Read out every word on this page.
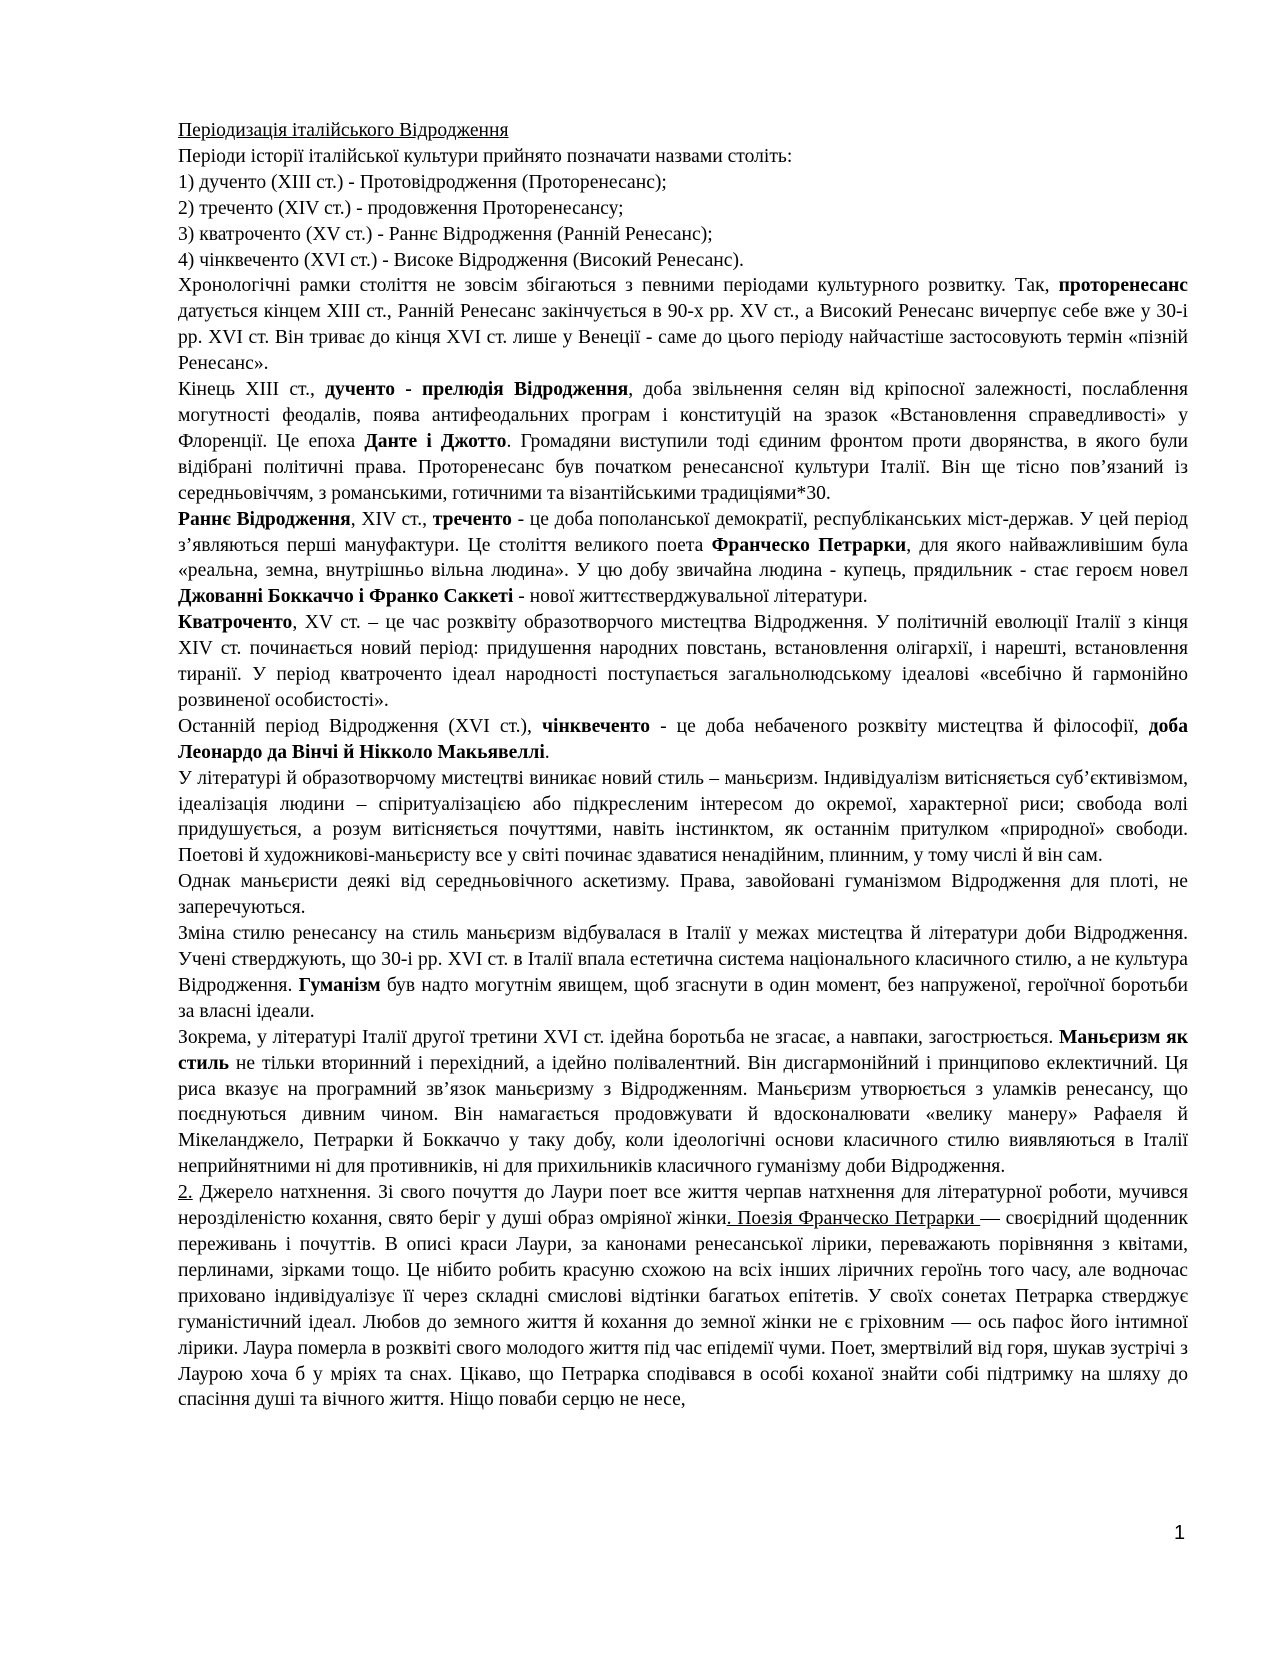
Періодизація італійського Відродження

Періоди історії італійської культури прийнято позначати назвами століть:

1) дученто (XIII ст.) - Протовідродження (Проторенесанс);

2) треченто (XIV ст.) - продовження Проторенесансу;

3) кватроченто (XV ст.) - Раннє Відродження (Ранній Ренесанс);

4) чінквеченто (XVI ст.) - Високе Відродження (Високий Ренесанс).

Хронологічні рамки століття не зовсім збігаються з певними періодами культурного розвитку. Так, проторенесанс датується кінцем XIII ст., Ранній Ренесанс закінчується в 90-х рр. XV ст., а Високий Ренесанс вичерпує себе вже у 30-і рр. XVI ст. Він триває до кінця XVI ст. лише у Венеції - саме до цього періоду найчастіше застосовують термін «пізній Ренесанс».

Кінець XIII ст., дученто - прелюдія Відродження, доба звільнення селян від кріпосної залежності, послаблення могутності феодалів, поява антифеодальних програм і конституцій на зразок «Встановлення справедливості» у Флоренції. Це епоха Данте і Джотто. Громадяни виступили тоді єдиним фронтом проти дворянства, в якого були відібрані політичні права. Проторенесанс був початком ренесансної культури Італії. Він ще тісно пов’язаний із середньовіччям, з романськими, готичними та візантійськими традиціями*30.

Раннє Відродження, XIV ст., треченто - це доба пополанської демократії, республіканських міст-держав. У цей період з’являються перші мануфактури. Це століття великого поета Франческо Петрарки, для якого найважливішим була «реальна, земна, внутрішньо вільна людина». У цю добу звичайна людина - купець, прядильник - стає героєм новел Джованні Боккаччо і Франко Саккеті - нової життєстверджувальної літератури.

Кватроченто, XV ст. – це час розквіту образотворчого мистецтва Відродження. У політичній еволюції Італії з кінця XIV ст. починається новий період: придушення народних повстань, встановлення олігархії, і нарешті, встановлення тиранії. У період кватроченто ідеал народності поступається загальнолюдському ідеалові «всебічно й гармонійно розвиненої особистості».

Останній період Відродження (XVI ст.), чінквеченто - це доба небаченого розквіту мистецтва й філософії, доба Леонардо да Вінчі й Нікколо Макьявеллі.

У літературі й образотворчому мистецтві виникає новий стиль – маньєризм. Індивідуалізм витісняється суб’єктивізмом, ідеалізація людини – спіритуалізацією або підкресленим інтересом до окремої, характерної риси; свобода волі придушується, а розум витісняється почуттями, навіть інстинктом, як останнім притулком «природної» свободи. Поетові й художникові-маньєристу все у світі починає здаватися ненадійним, плинним, у тому числі й він сам.

Однак маньєристи деякі від середньовічного аскетизму. Права, завойовані гуманізмом Відродження для плоті, не заперечуються.

Зміна стилю ренесансу на стиль маньєризм відбувалася в Італії у межах мистецтва й літератури доби Відродження. Учені стверджують, що 30-і рр. XVI ст. в Італії впала естетична система національного класичного стилю, а не культура Відродження. Гуманізм був надто могутнім явищем, щоб згаснути в один момент, без напруженої, героїчної боротьби за власні ідеали.

Зокрема, у літературі Італії другої третини XVI ст. ідейна боротьба не згасає, а навпаки, загострюється. Маньєризм як стиль не тільки вторинний і перехідний, а ідейно полівалентний. Він дисгармонійний і принципово еклектичний. Ця риса вказує на програмний зв’язок маньєризму з Відродженням. Маньєризм утворюється з уламків ренесансу, що поєднуються дивним чином. Він намагається продовжувати й вдосконалювати «велику манеру» Рафаеля й Мікеланджело, Петрарки й Боккаччо у таку добу, коли ідеологічні основи класичного стилю виявляються в Італії неприйнятними ні для противників, ні для прихильників класичного гуманізму доби Відродження.

2. Джерело натхнення. Зі свого почуття до Лаури поет все життя черпав натхнення для літературної роботи, мучився нерозділеністю кохання, свято беріг у душі образ омріяної жінки. Поезія Франческо Петрарки — своєрідний щоденник переживань і почуттів. В описі краси Лаури, за канонами ренесанської лірики, переважають порівняння з квітами, перлинами, зірками тощо. Це нібито робить красуню схожою на всіх інших ліричних героїнь того часу, але водночас приховано індивідуалізує її через складні смислові відтінки багатьох епітетів. У своїх сонетах Петрарка стверджує гуманістичний ідеал. Любов до земного життя й кохання до земної жінки не є гріховним — ось пафос його інтимної лірики. Лаура померла в розквіті свого молодого життя під час епідемії чуми. Поет, змертвілий від горя, шукав зустрічі з Лаурою хоча б у мріях та снах. Цікаво, що Петрарка сподівався в особі коханої знайти собі підтримку на шляху до спасіння душі та вічного життя. Ніщо поваби серцю не несе,

1
